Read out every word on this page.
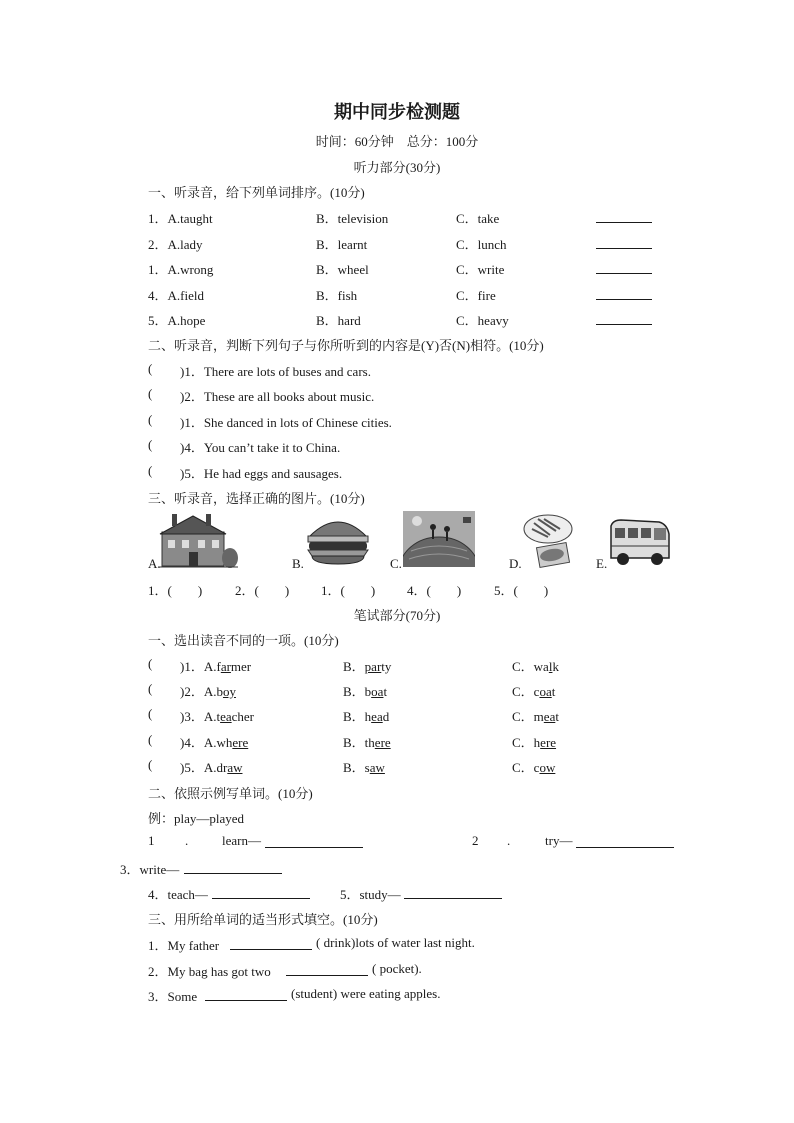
期中同步检测题
时间：60分钟　总分：100分
听力部分(30分)
一、听录音，给下列单词排序。(10分)
1．A.taught	B．television	C．take
2．A.lady	B．learnt	C．lunch
1．A.wrong	B．wheel	C．write
4．A.field	B．fish	C．fire
5．A.hope	B．hard	C．heavy
二、听录音，判断下列句子与你所听到的内容是(Y)否(N)相符。(10分)
( )1．There are lots of buses and cars.
( )2．These are all books about music.
( )1．She danced in lots of Chinese cities.
( )4．You can’t take it to China.
( )5．He had eggs and sausages.
三、听录音，选择正确的图片。(10分)
A.	B.	C.	D.	E.
1．(　　)	2．(　　) 1．(　　) 4．(　　)	5．(　　)
笔试部分(70分)
一、选出读音不同的一项。(10分)
( )1．A.farmer	B．party	C．walk
( )2．A.boy	B．boat	C．coat
( )3．A.teacher	B．head	C．meat
( )4．A.where	B．there	C．here
( )5．A.draw	B．saw	C．cow
二、依照示例写单词。(10分)
例：play—played
1 .	learn—	2 .	try—
3．write—
4．teach—	5．study—
三、用所给单词的适当形式填空。(10分)
1．My father	( drink)lots of water last night.
2．My bag has got two	( pocket).
3．Some	(student) were eating apples.
